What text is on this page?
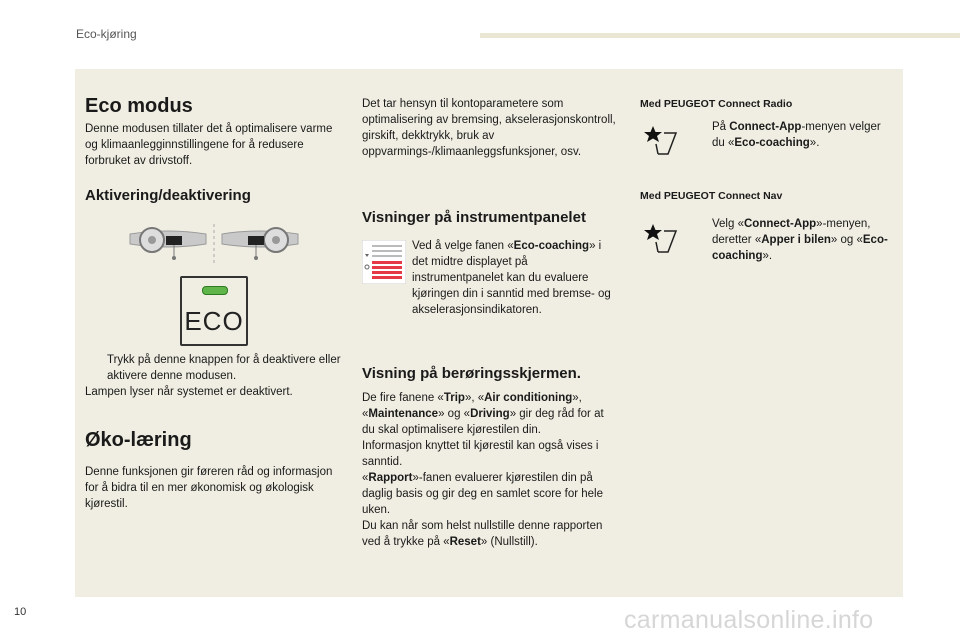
Eco-kjøring
Eco modus

Denne modusen tillater det å optimalisere varme og klimaanlegginnstillingene for å redusere forbruket av drivstoff.

Aktivering/deaktivering
ECO
Trykk på denne knappen for å deaktivere eller aktivere denne modusen.

Lampen lyser når systemet er deaktivert.

Øko-læring

Denne funksjonen gir føreren råd og informasjon for å bidra til en mer økonomisk og økologisk kjørestil.

Det tar hensyn til kontoparametere som optimalisering av bremsing, akselerasjonskontroll, girskift, dekktrykk, bruk av oppvarmings-/klimaanleggsfunksjoner, osv.

Visninger på instrumentpanelet
Ved å velge fanen «Eco-coaching» i det midtre displayet på instrumentpanelet kan du evaluere kjøringen din i sanntid med bremse- og akselerasjonsindikatoren.
Visning på berøringsskjermen.

De fire fanene «Trip», «Air conditioning», «Maintenance» og «Driving» gir deg råd for at du skal optimalisere kjørestilen din.

Informasjon knyttet til kjørestil kan også vises i sanntid.

«Rapport»-fanen evaluerer kjørestilen din på daglig basis og gir deg en samlet score for hele uken.

Du kan når som helst nullstille denne rapporten ved å trykke på «Reset» (Nullstill).

Med PEUGEOT Connect Radio
På Connect-App-menyen velger du «Eco-coaching».
Med PEUGEOT Connect Nav
Velg «Connect-App»-menyen, deretter «Apper i bilen» og «Eco-coaching».
10	carmanualsonline.info
